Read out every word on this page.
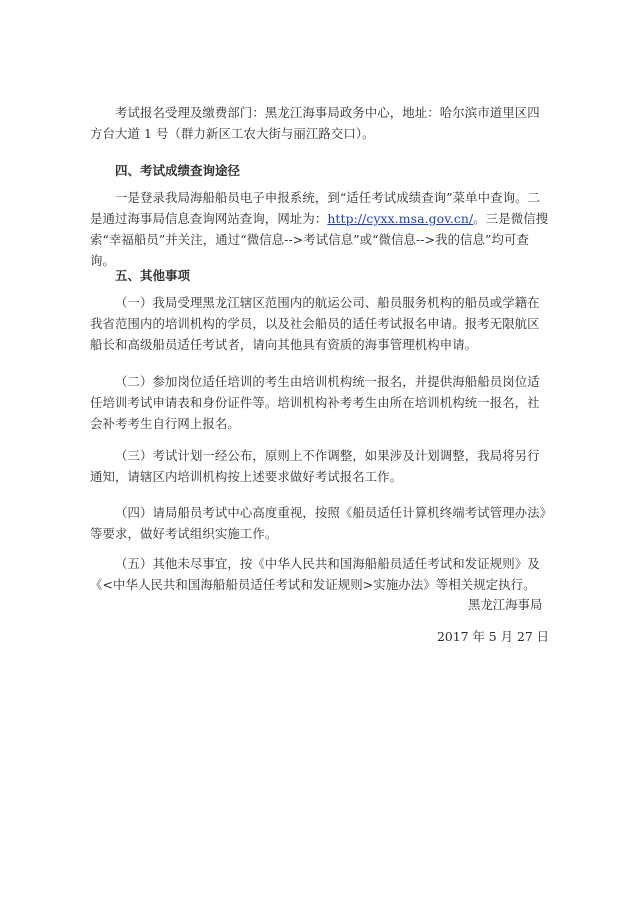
考试报名受理及缴费部门：黑龙江海事局政务中心，地址：哈尔滨市道里区四方台大道 1 号（群力新区工农大街与丽江路交口）。

四、考试成绩查询途径

一是登录我局海船船员电子申报系统，到“适任考试成绩查询”菜单中查询。二是通过海事局信息查询网站查询，网址为：http://cyxx.msa.gov.cn/。三是微信搜索“幸福船员”并关注，通过“微信息-->考试信息”或“微信息-->我的信息”均可查询。

五、其他事项

（一）我局受理黑龙江辖区范围内的航运公司、船员服务机构的船员或学籍在我省范围内的培训机构的学员，以及社会船员的适任考试报名申请。报考无限航区船长和高级船员适任考试者，请向其他具有资质的海事管理机构申请。

（二）参加岗位适任培训的考生由培训机构统一报名，并提供海船船员岗位适任培训考试申请表和身份证件等。培训机构补考考生由所在培训机构统一报名，社会补考考生自行网上报名。

（三）考试计划一经公布，原则上不作调整，如果涉及计划调整，我局将另行通知，请辖区内培训机构按上述要求做好考试报名工作。

（四）请局船员考试中心高度重视，按照《船员适任计算机终端考试管理办法》等要求，做好考试组织实施工作。

（五）其他未尽事宜，按《中华人民共和国海船船员适任考试和发证规则》及《<中华人民共和国海船船员适任考试和发证规则>实施办法》等相关规定执行。

黑龙江海事局

2017 年 5 月 27 日
